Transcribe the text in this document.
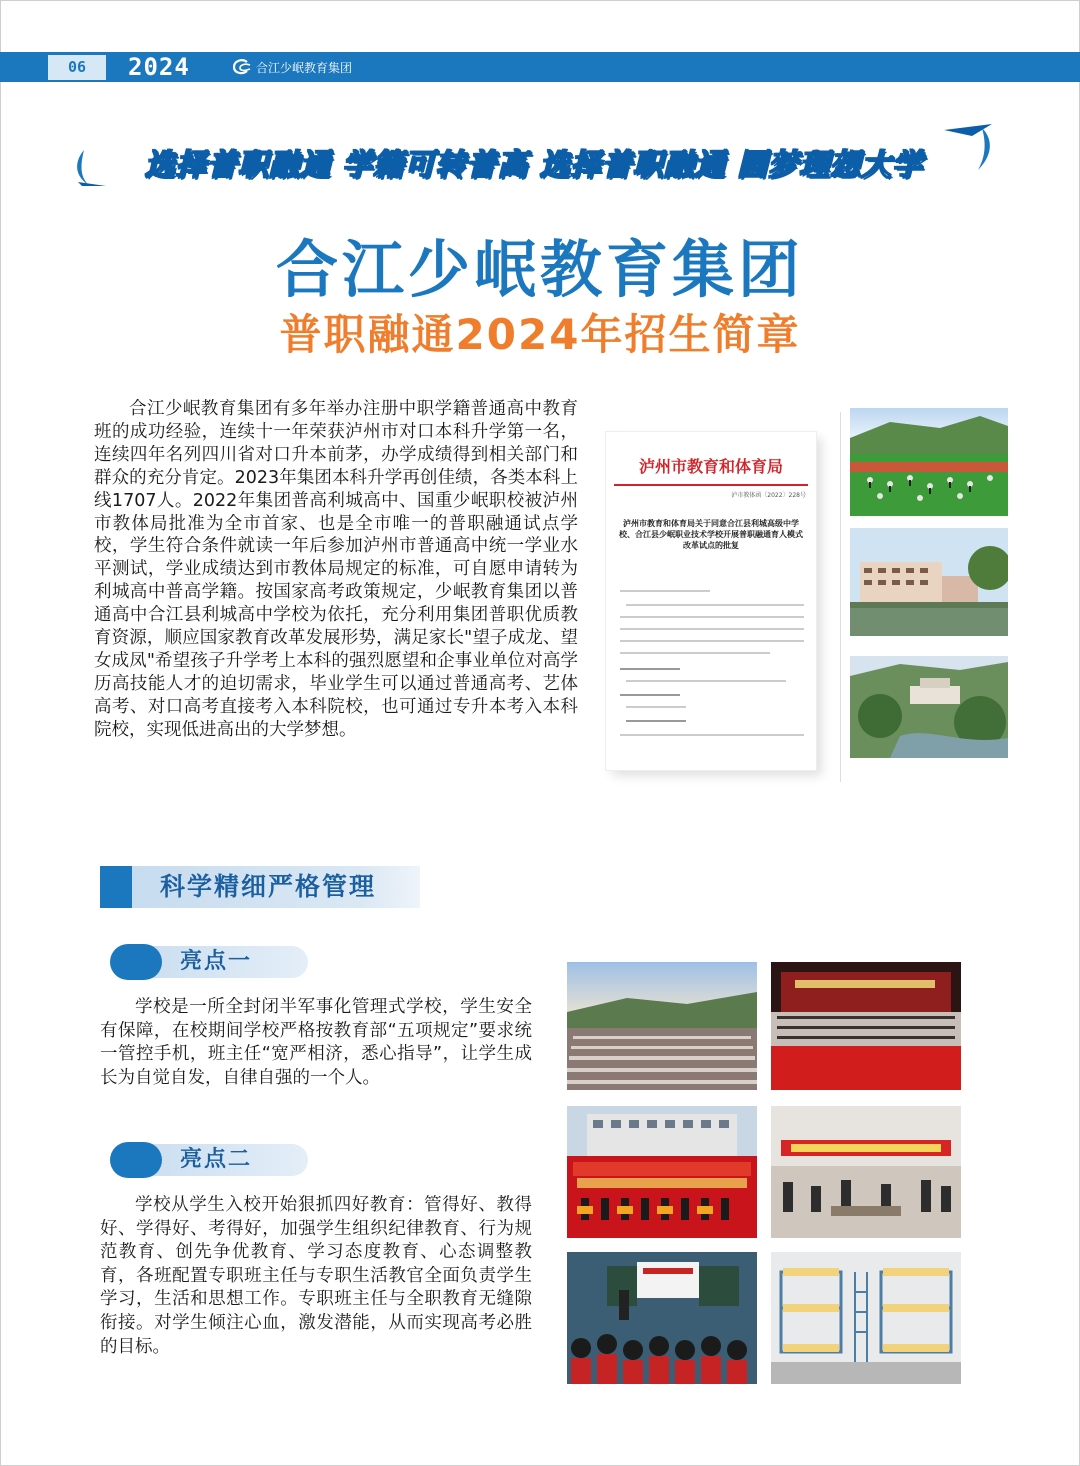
06	2024	合江少岷教育集团
选择普职融通 学籍可转普高 选择普职融通 圆梦理想大学
合江少岷教育集团
普职融通2024年招生简章

合江少岷教育集团有多年举办注册中职学籍普通高中教育班的成功经验，连续十一年荣获泸州市对口本科升学第一名，连续四年名列四川省对口升本前茅，办学成绩得到相关部门和群众的充分肯定。2023年集团本科升学再创佳绩，各类本科上线1707人。2022年集团普高利城高中、国重少岷职校被泸州市教体局批准为全市首家、也是全市唯一的普职融通试点学校，学生符合条件就读一年后参加泸州市普通高中统一学业水平测试，学业成绩达到市教体局规定的标准，可自愿申请转为利城高中普高学籍。按国家高考政策规定，少岷教育集团以普通高中合江县利城高中学校为依托，充分利用集团普职优质教育资源，顺应国家教育改革发展形势，满足家长"望子成龙、望女成凤"希望孩子升学考上本科的强烈愿望和企事业单位对高学历高技能人才的迫切需求，毕业学生可以通过普通高考、艺体高考、对口高考直接考入本科院校，也可通过专升本考入本科院校，实现低进高出的大学梦想。

泸州市教育和体育局
泸市教体函〔2022〕228号
泸州市教育和体育局关于同意合江县利城高级中学校、合江县少岷职业技术学校开展普职融通育人模式改革试点的批复
科学精细严格管理
亮点一

学校是一所全封闭半军事化管理式学校，学生安全有保障，在校期间学校严格按教育部“五项规定”要求统一管控手机，班主任“宽严相济，悉心指导”，让学生成长为自觉自发，自律自强的一个人。

亮点二

学校从学生入校开始狠抓四好教育：管得好、教得好、学得好、考得好，加强学生组织纪律教育、行为规范教育、创先争优教育、学习态度教育、心态调整教育，各班配置专职班主任与专职生活教官全面负责学生学习，生活和思想工作。专职班主任与全职教育无缝隙衔接。对学生倾注心血，激发潜能，从而实现高考必胜的目标。
